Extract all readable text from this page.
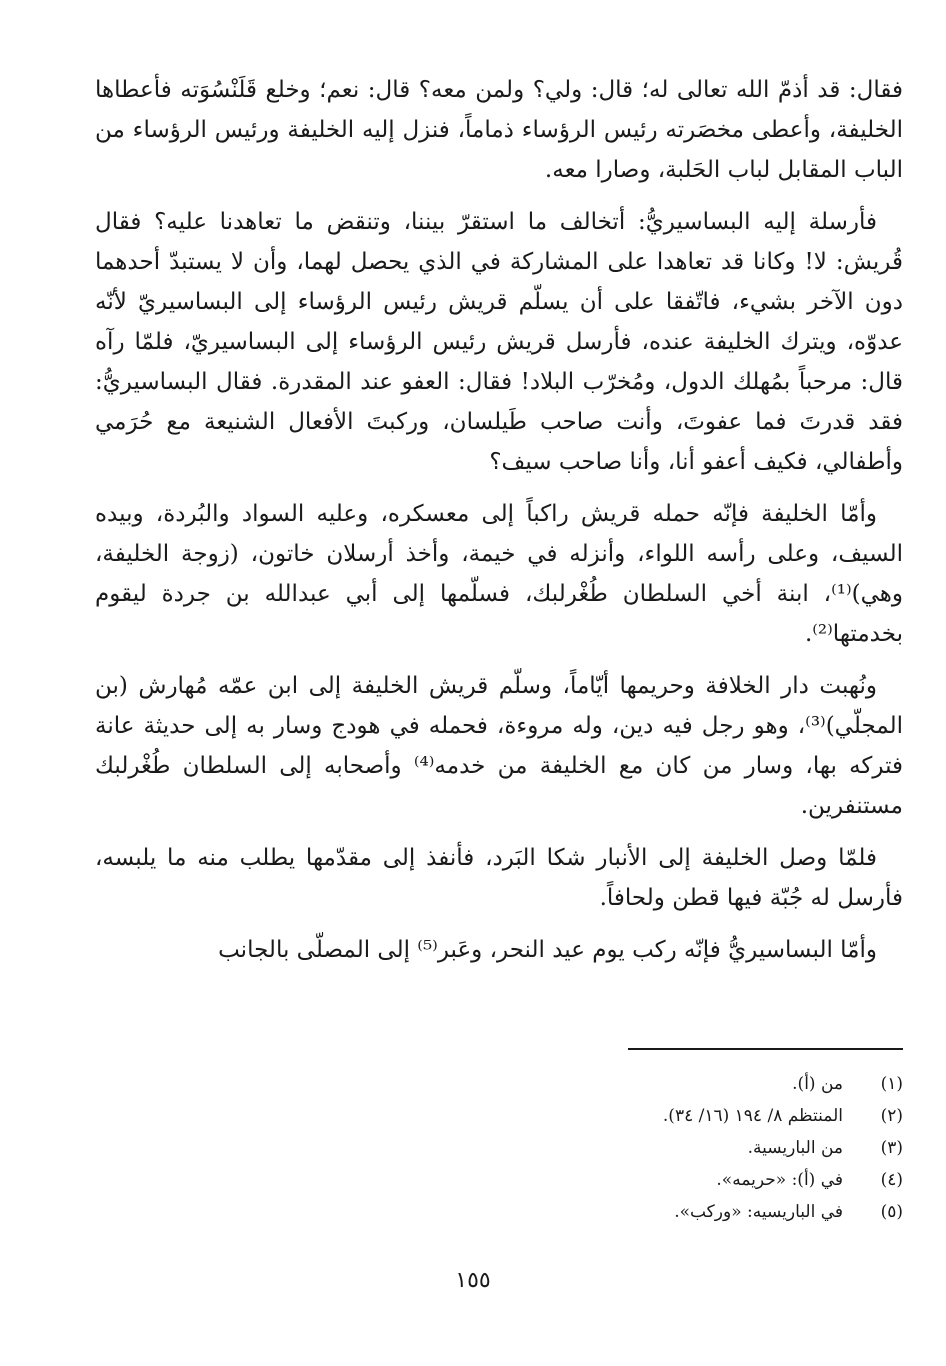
فقال: قد أذمّ الله تعالى له؛ قال: ولي؟ ولمن معه؟ قال: نعم؛ وخلع قَلَنْسُوَته فأعطاها الخليفة، وأعطى مخصَرته رئيس الرؤساء ذماماً، فنزل إليه الخليفة ورئيس الرؤساء من الباب المقابل لباب الحَلبة، وصارا معه.

فأرسلة إليه البساسيريُّ: أتخالف ما استقرّ بيننا، وتنقض ما تعاهدنا عليه؟ فقال قُريش: لا! وكانا قد تعاهدا على المشاركة في الذي يحصل لهما، وأن لا يستبدّ أحدهما دون الآخر بشيء، فاتّفقا على أن يسلّم قريش رئيس الرؤساء إلى البساسيريّ لأنّه عدوّه، ويترك الخليفة عنده، فأرسل قريش رئيس الرؤساء إلى البساسيريّ، فلمّا رآه قال: مرحباً بمُهلك الدول، ومُخرّب البلاد! فقال: العفو عند المقدرة. فقال البساسيريُّ: فقد قدرتَ فما عفوتَ، وأنت صاحب طَيلسان، وركبتَ الأفعال الشنيعة مع حُرَمي وأطفالي، فكيف أعفو أنا، وأنا صاحب سيف؟

وأمّا الخليفة فإنّه حمله قريش راكباً إلى معسكره، وعليه السواد والبُردة، وبيده السيف، وعلى رأسه اللواء، وأنزله في خيمة، وأخذ أرسلان خاتون، (زوجة الخليفة، وهي)⁽¹⁾، ابنة أخي السلطان طُغْرلبك، فسلّمها إلى أبي عبدالله بن جردة ليقوم بخدمتها⁽²⁾.

ونُهبت دار الخلافة وحريمها أيّاماً، وسلّم قريش الخليفة إلى ابن عمّه مُهارش (بن المجلّي)⁽³⁾، وهو رجل فيه دين، وله مروءة، فحمله في هودج وسار به إلى حديثة عانة فتركه بها، وسار من كان مع الخليفة من خدمه⁽⁴⁾ وأصحابه إلى السلطان طُغْرلبك مستنفرين.

فلمّا وصل الخليفة إلى الأنبار شكا البَرد، فأنفذ إلى مقدّمها يطلب منه ما يلبسه، فأرسل له جُبّة فيها قطن ولحافاً.

وأمّا البساسيريُّ فإنّه ركب يوم عيد النحر، وعَبر⁽⁵⁾ إلى المصلّى بالجانب

(١)
من (أ).
(٢)
المنتظم ٨/ ١٩٤ (١٦/ ٣٤).
(٣)
من الباريسية.
(٤)
في (أ): «حريمه».
(٥)
في الباريسيه: «وركب».
١٥٥
